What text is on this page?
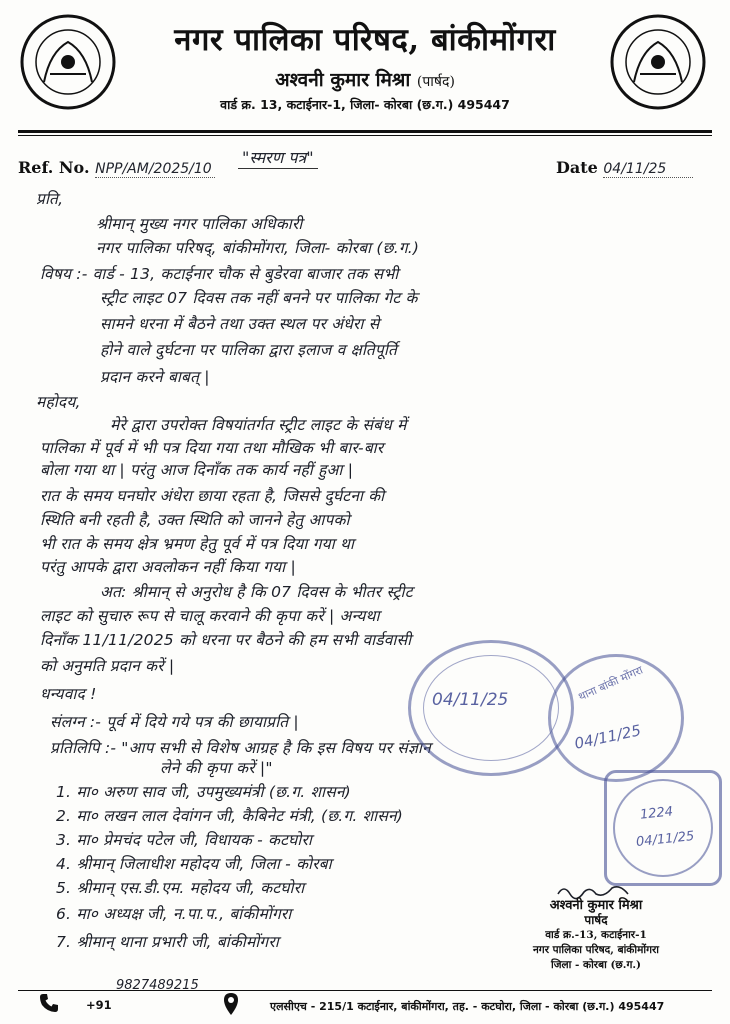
नगर पालिका परिषद, बांकीमोंगरा
अश्वनी कुमार मिश्रा (पार्षद)
वार्ड क्र. 13, कटाईनार-1, जिला- कोरबा (छ.ग.) 495447
Ref. No. NPP/AM/2025/10
"स्मरण पत्र"
Date 04/11/25
प्रति,
श्रीमान् मुख्य नगर पालिका अधिकारी
नगर पालिका परिषद्, बांकीमोंगरा, जिला- कोरबा (छ.ग.)
विषय :- वार्ड - 13, कटाईनार चौक से बुडेरवा बाजार तक सभी
स्ट्रीट लाइट 07 दिवस तक नहीं बनने पर पालिका गेट के
सामने धरना में बैठने तथा उक्त स्थल पर अंधेरा से
होने वाले दुर्घटना पर पालिका द्वारा इलाज व क्षतिपूर्ति
प्रदान करने बाबत् |
महोदय,
मेरे द्वारा उपरोक्त विषयांतर्गत स्ट्रीट लाइट के संबंध में
पालिका में पूर्व में भी पत्र दिया गया तथा मौखिक भी बार-बार
बोला गया था | परंतु आज दिनाँक तक कार्य नहीं हुआ |
रात के समय घनघोर अंधेरा छाया रहता है, जिससे दुर्घटना की
स्थिति बनी रहती है, उक्त स्थिति को जानने हेतु आपको
भी रात के समय क्षेत्र भ्रमण हेतु पूर्व में पत्र दिया गया था
परंतु आपके द्वारा अवलोकन नहीं किया गया |
अत: श्रीमान् से अनुरोध है कि 07 दिवस के भीतर स्ट्रीट
लाइट को सुचारु रूप से चालू करवाने की कृपा करें | अन्यथा
दिनाँक 11/11/2025 को धरना पर बैठने की हम सभी वार्डवासी
को अनुमति प्रदान करें |
धन्यवाद !
संलग्न :- पूर्व में दिये गये पत्र की छायाप्रति |
प्रतिलिपि :- "आप सभी से विशेष आग्रह है कि इस विषय पर संज्ञान
लेने की कृपा करें |"
1. मा० अरुण साव जी, उपमुख्यमंत्री (छ.ग. शासन)
2. मा० लखन लाल देवांगन जी, कैबिनेट मंत्री, (छ.ग. शासन)
3. मा० प्रेमचंद पटेल जी, विधायक - कटघोरा
4. श्रीमान् जिलाधीश महोदय जी, जिला - कोरबा
5. श्रीमान् एस.डी.एम. महोदय जी, कटघोरा
6. मा० अध्यक्ष जी, न.पा.प., बांकीमोंगरा
7. श्रीमान् थाना प्रभारी जी, बांकीमोंगरा
04/11/25	थाना बांकी मोंगरा
04/11/25
1224
04/11/25
अश्वनी कुमार मिश्रा
पार्षद
वार्ड क्र.-13, कटाईनार-1
नगर पालिका परिषद, बांकीमोंगरा
जिला - कोरबा (छ.ग.)
+91
9827489215
एलसीएच - 215/1 कटाईनार, बांकीमोंगरा, तह. - कटघोरा, जिला - कोरबा (छ.ग.) 495447
